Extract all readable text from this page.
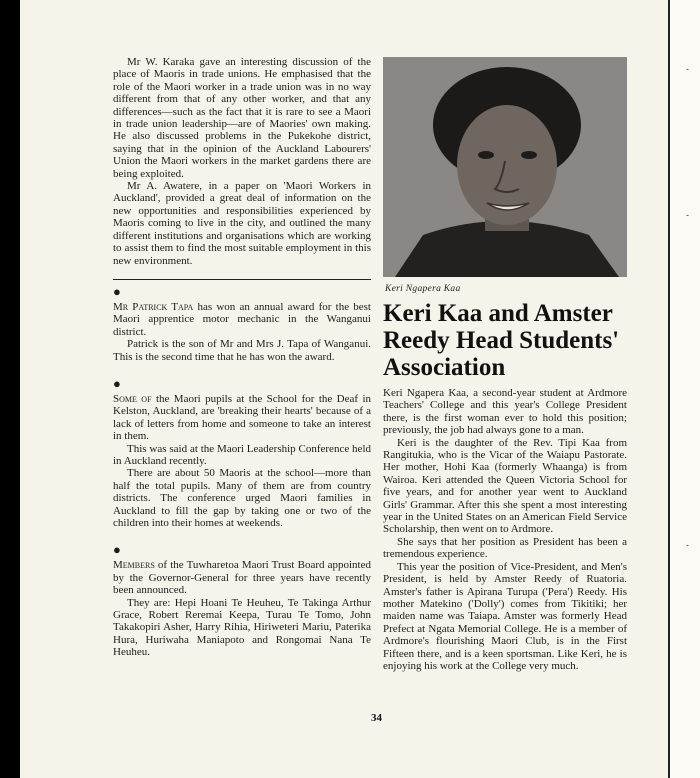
-
-
-

Mr W. Karaka gave an interesting discussion of the place of Maoris in trade unions. He emphasised that the role of the Maori worker in a trade union was in no way different from that of any other worker, and that any differences—such as the fact that it is rare to see a Maori in trade union leadership—are of Maories' own making. He also discussed problems in the Pukekohe district, saying that in the opinion of the Auckland Labourers' Union the Maori workers in the market gardens there are being exploited.

Mr A. Awatere, in a paper on 'Maori Workers in Auckland', provided a great deal of information on the new opportunities and responsibilities experienced by Maoris coming to live in the city, and outlined the many different institutions and organisations which are working to assist them to find the most suitable employment in this new environment.

●

Mr Patrick Tapa has won an annual award for the best Maori apprentice motor mechanic in the Wanganui district.

Patrick is the son of Mr and Mrs J. Tapa of Wanganui. This is the second time that he has won the award.

●

Some of the Maori pupils at the School for the Deaf in Kelston, Auckland, are 'breaking their hearts' because of a lack of letters from home and someone to take an interest in them.

This was said at the Maori Leadership Conference held in Auckland recently.

There are about 50 Maoris at the school—more than half the total pupils. Many of them are from country districts. The conference urged Maori families in Auckland to fill the gap by taking one or two of the children into their homes at weekends.

●

Members of the Tuwharetoa Maori Trust Board appointed by the Governor-General for three years have recently been announced.

They are: Hepi Hoani Te Heuheu, Te Takinga Arthur Grace, Robert Reremai Keepa, Turau Te Tomo, John Takakopiri Asher, Harry Rihia, Hiriweteri Mariu, Paterika Hura, Huriwaha Maniapoto and Rongomai Nana Te Heuheu.

Keri Ngapera Kaa
Keri Kaa and Amster Reedy Head Students' Association

Keri Ngapera Kaa, a second-year student at Ardmore Teachers' College and this year's College President there, is the first woman ever to hold this position; previously, the job had always gone to a man.

Keri is the daughter of the Rev. Tipi Kaa from Rangitukia, who is the Vicar of the Waiapu Pastorate. Her mother, Hohi Kaa (formerly Whaanga) is from Wairoa. Keri attended the Queen Victoria School for five years, and for another year went to Auckland Girls' Grammar. After this she spent a most interesting year in the United States on an American Field Service Scholarship, then went on to Ardmore.

She says that her position as President has been a tremendous experience.

This year the position of Vice-President, and Men's President, is held by Amster Reedy of Ruatoria. Amster's father is Apirana Turupa ('Pera') Reedy. His mother Matekino ('Dolly') comes from Tikitiki; her maiden name was Taiapa. Amster was formerly Head Prefect at Ngata Memorial College. He is a member of Ardmore's flourishing Maori Club, is in the First Fifteen there, and is a keen sportsman. Like Keri, he is enjoying his work at the College very much.

34
